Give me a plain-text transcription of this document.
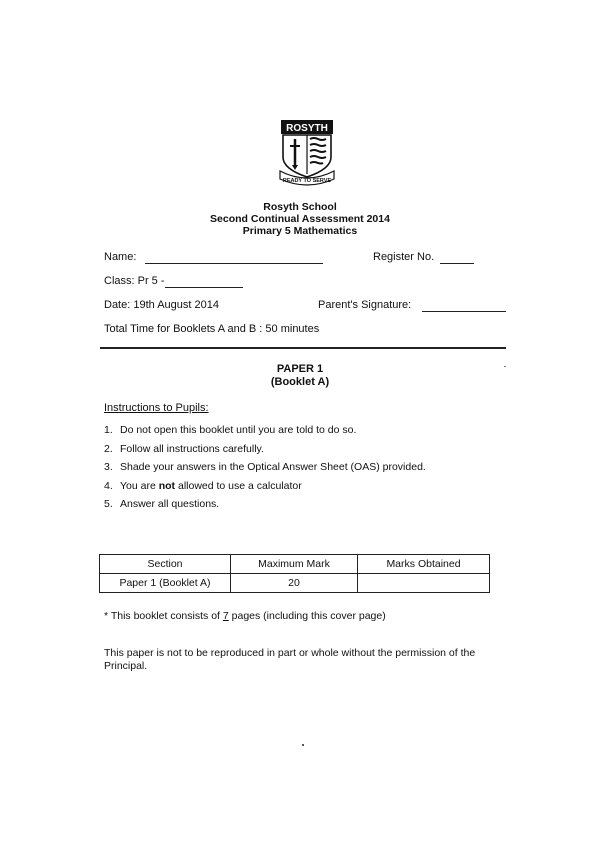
ROSYTH
READY TO SERVE
Rosyth School
Second Continual Assessment 2014
Primary 5 Mathematics
Name:	Register No.
Class: Pr 5 -
Date: 19th August 2014	Parent's Signature:
Total Time for Booklets A and B : 50 minutes
PAPER 1
(Booklet A)
Instructions to Pupils:
1. Do not open this booklet until you are told to do so.
2. Follow all instructions carefully.
3. Shade your answers in the Optical Answer Sheet (OAS) provided.
4. You are not allowed to use a calculator
5. Answer all questions.
Section	Maximum Mark	Marks Obtained
Paper 1 (Booklet A)	20	
* This booklet consists of 7 pages (including this cover page)
This paper is not to be reproduced in part or whole without the permission of the Principal.
